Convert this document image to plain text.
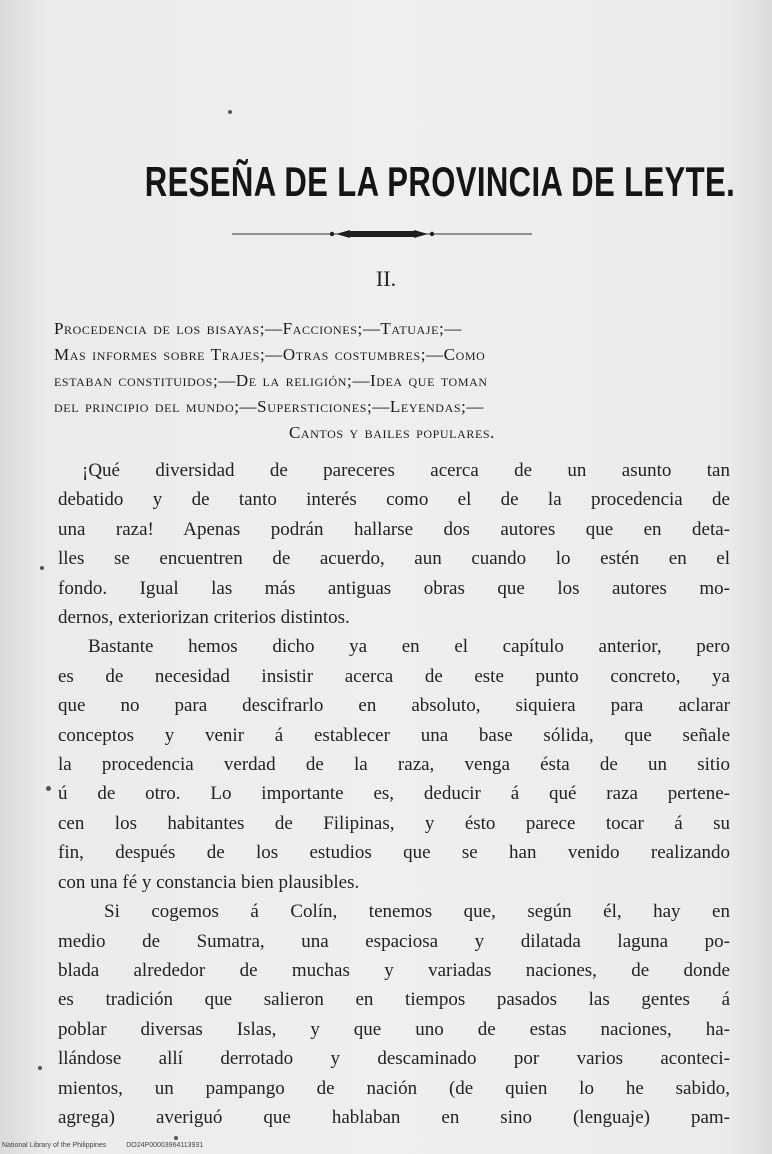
RESEÑA DE LA PROVINCIA DE LEYTE.
II.
Procedencia de los bisayas;—Facciones;—Tatuaje;—
Mas informes sobre Trajes;—Otras costumbres;—Como
estaban constituidos;—De la religión;—Idea que toman
del principio del mundo;—Supersticiones;—Leyendas;—
Cantos y bailes populares.
¡Qué diversidad de pareceres acerca de un asunto tan
debatido y de tanto interés como el de la procedencia de
una raza! Apenas podrán hallarse dos autores que en deta-
lles se encuentren de acuerdo, aun cuando lo estén en el
fondo. Igual las más antiguas obras que los autores mo-
dernos, exteriorizan criterios distintos.
Bastante hemos dicho ya en el capítulo anterior, pero
es de necesidad insistir acerca de este punto concreto, ya
que no para descifrarlo en absoluto, siquiera para aclarar
conceptos y venir á establecer una base sólida, que señale
la procedencia verdad de la raza, venga ésta de un sitio
ú de otro. Lo importante es, deducir á qué raza pertene-
cen los habitantes de Filipinas, y ésto parece tocar á su
fin, después de los estudios que se han venido realizando
con una fé y constancia bien plausibles.
Si cogemos á Colín, tenemos que, según él, hay en
medio de Sumatra, una espaciosa y dilatada laguna po-
blada alrededor de muchas y variadas naciones, de donde
es tradición que salieron en tiempos pasados las gentes á
poblar diversas Islas, y que uno de estas naciones, ha-
llándose allí derrotado y descaminado por varios aconteci-
mientos, un pampango de nación (de quien lo he sabido,
agrega) averiguó que hablaban en sino (lenguaje) pam-
National Library of the Philippines	DO24P00003964113931
